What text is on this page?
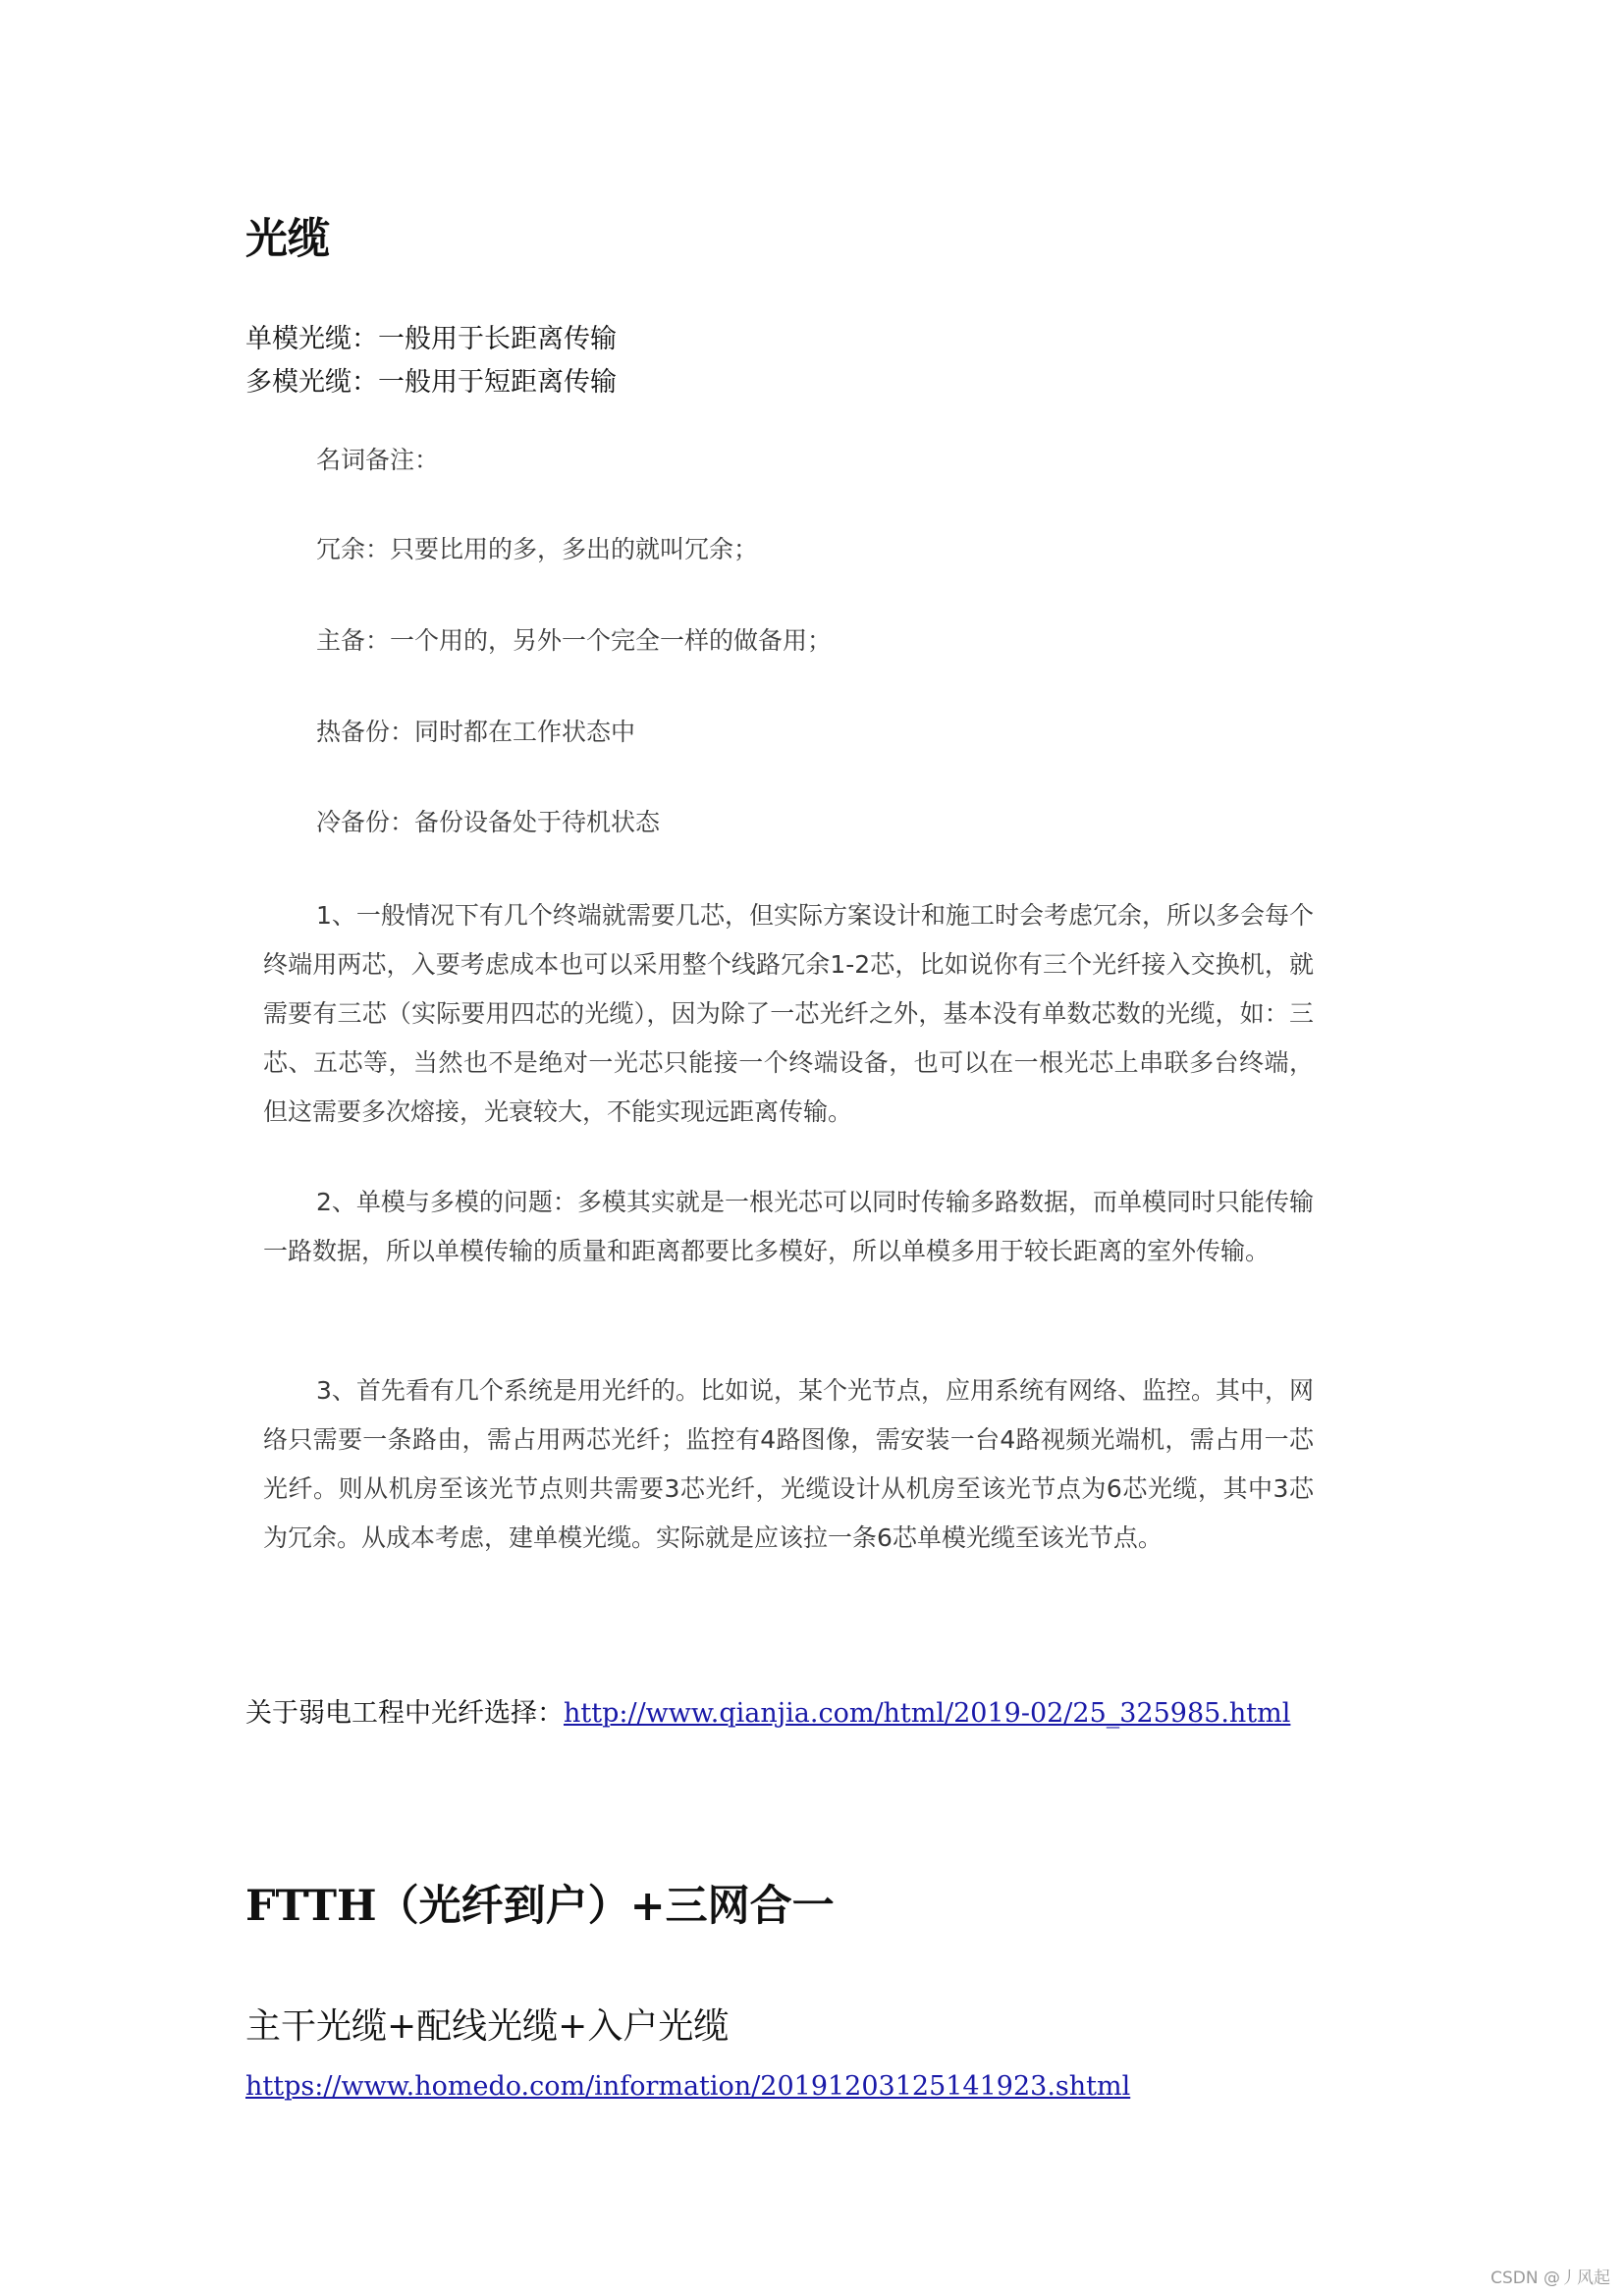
光缆
单模光缆：一般用于长距离传输
多模光缆：一般用于短距离传输
名词备注：
冗余：只要比用的多，多出的就叫冗余；
主备：一个用的，另外一个完全一样的做备用；
热备份：同时都在工作状态中
冷备份：备份设备处于待机状态

1、一般情况下有几个终端就需要几芯，但实际方案设计和施工时会考虑冗余，所以多会每个终端用两芯，入要考虑成本也可以采用整个线路冗余1-2芯，比如说你有三个光纤接入交换机，就需要有三芯（实际要用四芯的光缆），因为除了一芯光纤之外，基本没有单数芯数的光缆，如：三芯、五芯等，当然也不是绝对一光芯只能接一个终端设备，也可以在一根光芯上串联多台终端，但这需要多次熔接，光衰较大，不能实现远距离传输。

2、单模与多模的问题：多模其实就是一根光芯可以同时传输多路数据，而单模同时只能传输一路数据，所以单模传输的质量和距离都要比多模好，所以单模多用于较长距离的室外传输。

3、首先看有几个系统是用光纤的。比如说，某个光节点，应用系统有网络、监控。其中，网络只需要一条路由，需占用两芯光纤；监控有4路图像，需安装一台4路视频光端机，需占用一芯光纤。则从机房至该光节点则共需要3芯光纤，光缆设计从机房至该光节点为6芯光缆，其中3芯为冗余。从成本考虑，建单模光缆。实际就是应该拉一条6芯单模光缆至该光节点。

关于弱电工程中光纤选择：http://www.qianjia.com/html/2019-02/25_325985.html
FTTH（光纤到户）+三网合一
主干光缆+配线光缆+入户光缆
https://www.homedo.com/information/20191203125141923.shtml
CSDN @丿风起
